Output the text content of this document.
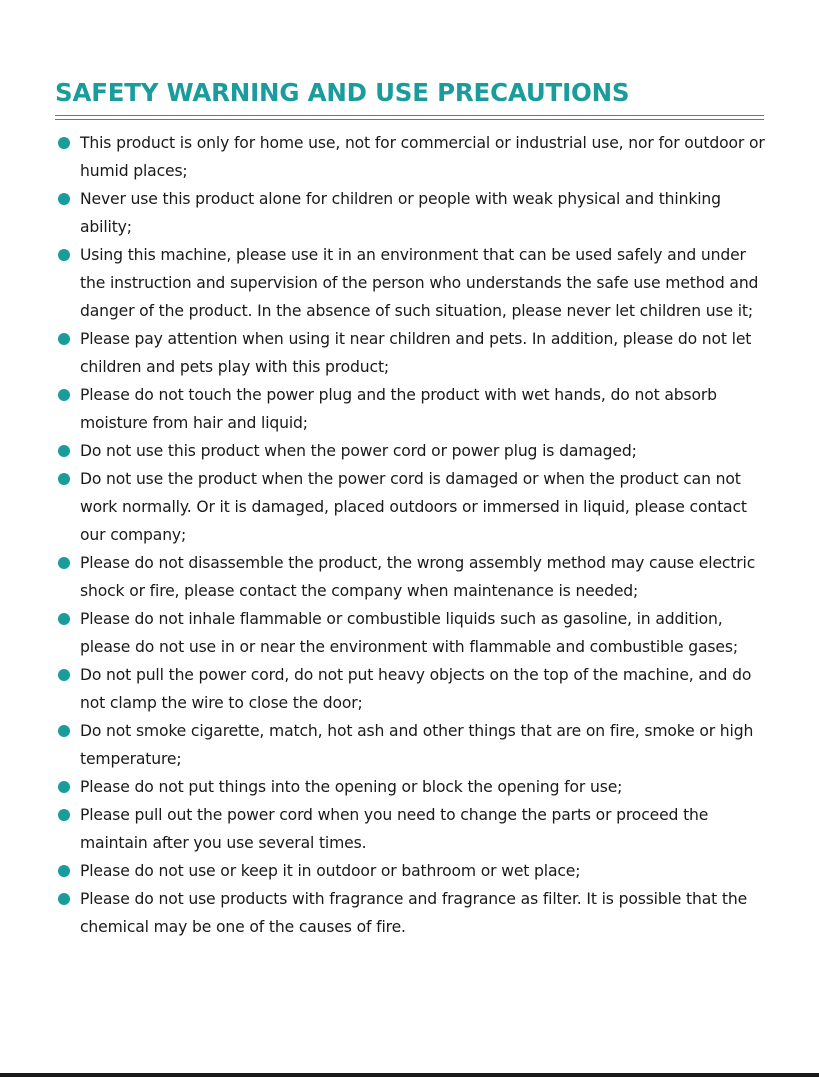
SAFETY WARNING AND USE PRECAUTIONS
This product is only for home use, not for commercial or industrial use, nor for outdoor or humid places;
Never use this product alone for children or people with weak physical and thinking ability;
Using this machine, please use it in an environment that can be used safely and under the instruction and supervision of the person who understands the safe use method and danger of the product. In the absence of such situation, please never let children use it;
Please pay attention when using it near children and pets. In addition, please do not let children and pets play with this product;
Please do not touch the power plug and the product with wet hands, do not absorb moisture from hair and liquid;
Do not use this product when the power cord or power plug is damaged;
Do not use the product when the power cord is damaged or when the product can not work normally. Or it is damaged, placed outdoors or immersed in liquid, please contact our company;
Please do not disassemble the product, the wrong assembly method may cause electric shock or fire, please contact the company when maintenance is needed;
Please do not inhale flammable or combustible liquids such as gasoline, in addition, please do not use in or near the environment with flammable and combustible gases;
Do not pull the power cord, do not put heavy objects on the top of the machine, and do not clamp the wire to close the door;
Do not smoke cigarette, match, hot ash and other things that are on fire, smoke or high temperature;
Please do not put things into the opening or block the opening for use;
Please pull out the power cord when you need to change the parts or proceed the maintain after you use several times.
Please do not use or keep it in outdoor or bathroom or wet place;
Please do not use products with fragrance and fragrance as filter. It is possible that the chemical may be one of the causes of fire.
